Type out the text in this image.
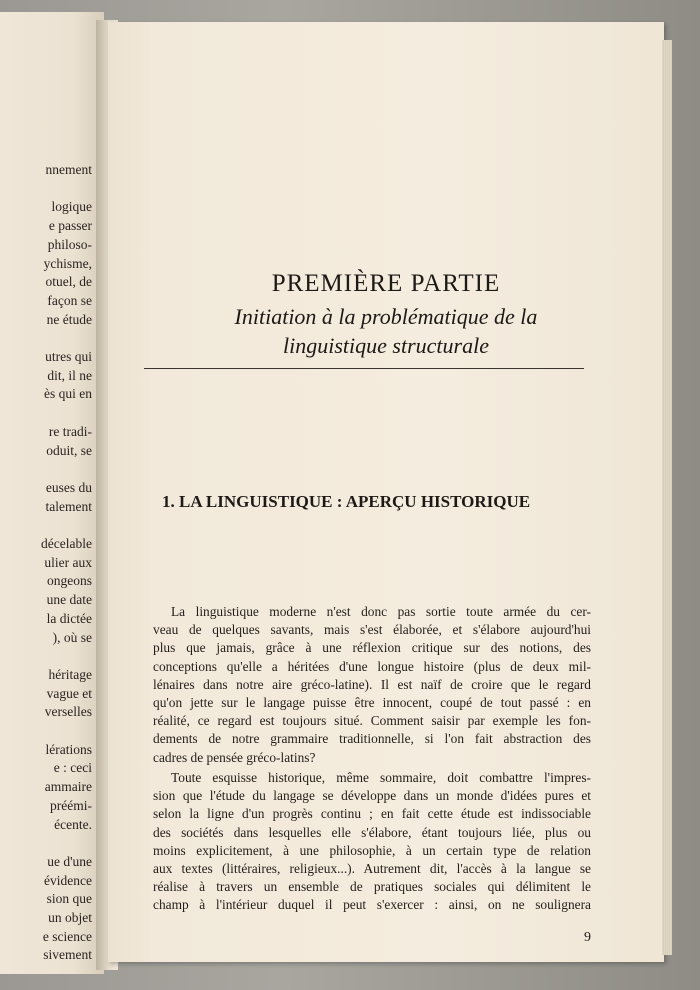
nnement
logique
e passer
philoso-
ychisme,
otuel, de
façon se
ne étude
utres qui
dit, il ne
ès qui en
re tradi-
oduit, se
euses du
talement
décelable
ulier aux
ongeons
une date
la dictée
), où se
héritage
vague et
verselles
lérations
e : ceci
ammaire
préémi-
écente.
ue d'une
évidence
sion que
un objet
e science
sivement
PREMIÈRE PARTIE
Initiation à la problématique de la
linguistique structurale
1. LA LINGUISTIQUE : APERÇU HISTORIQUE
La linguistique moderne n'est donc pas sortie toute armée du cer-
veau de quelques savants, mais s'est élaborée, et s'élabore aujourd'hui
plus que jamais, grâce à une réflexion critique sur des notions, des
conceptions qu'elle a héritées d'une longue histoire (plus de deux mil-
lénaires dans notre aire gréco-latine). Il est naïf de croire que le regard
qu'on jette sur le langage puisse être innocent, coupé de tout passé : en
réalité, ce regard est toujours situé. Comment saisir par exemple les fon-
dements de notre grammaire traditionnelle, si l'on fait abstraction des
cadres de pensée gréco-latins?
Toute esquisse historique, même sommaire, doit combattre l'impres-
sion que l'étude du langage se développe dans un monde d'idées pures et
selon la ligne d'un progrès continu ; en fait cette étude est indissociable
des sociétés dans lesquelles elle s'élabore, étant toujours liée, plus ou
moins explicitement, à une philosophie, à un certain type de relation
aux textes (littéraires, religieux...). Autrement dit, l'accès à la langue se
réalise à travers un ensemble de pratiques sociales qui délimitent le
champ à l'intérieur duquel il peut s'exercer : ainsi, on ne soulignera
9
